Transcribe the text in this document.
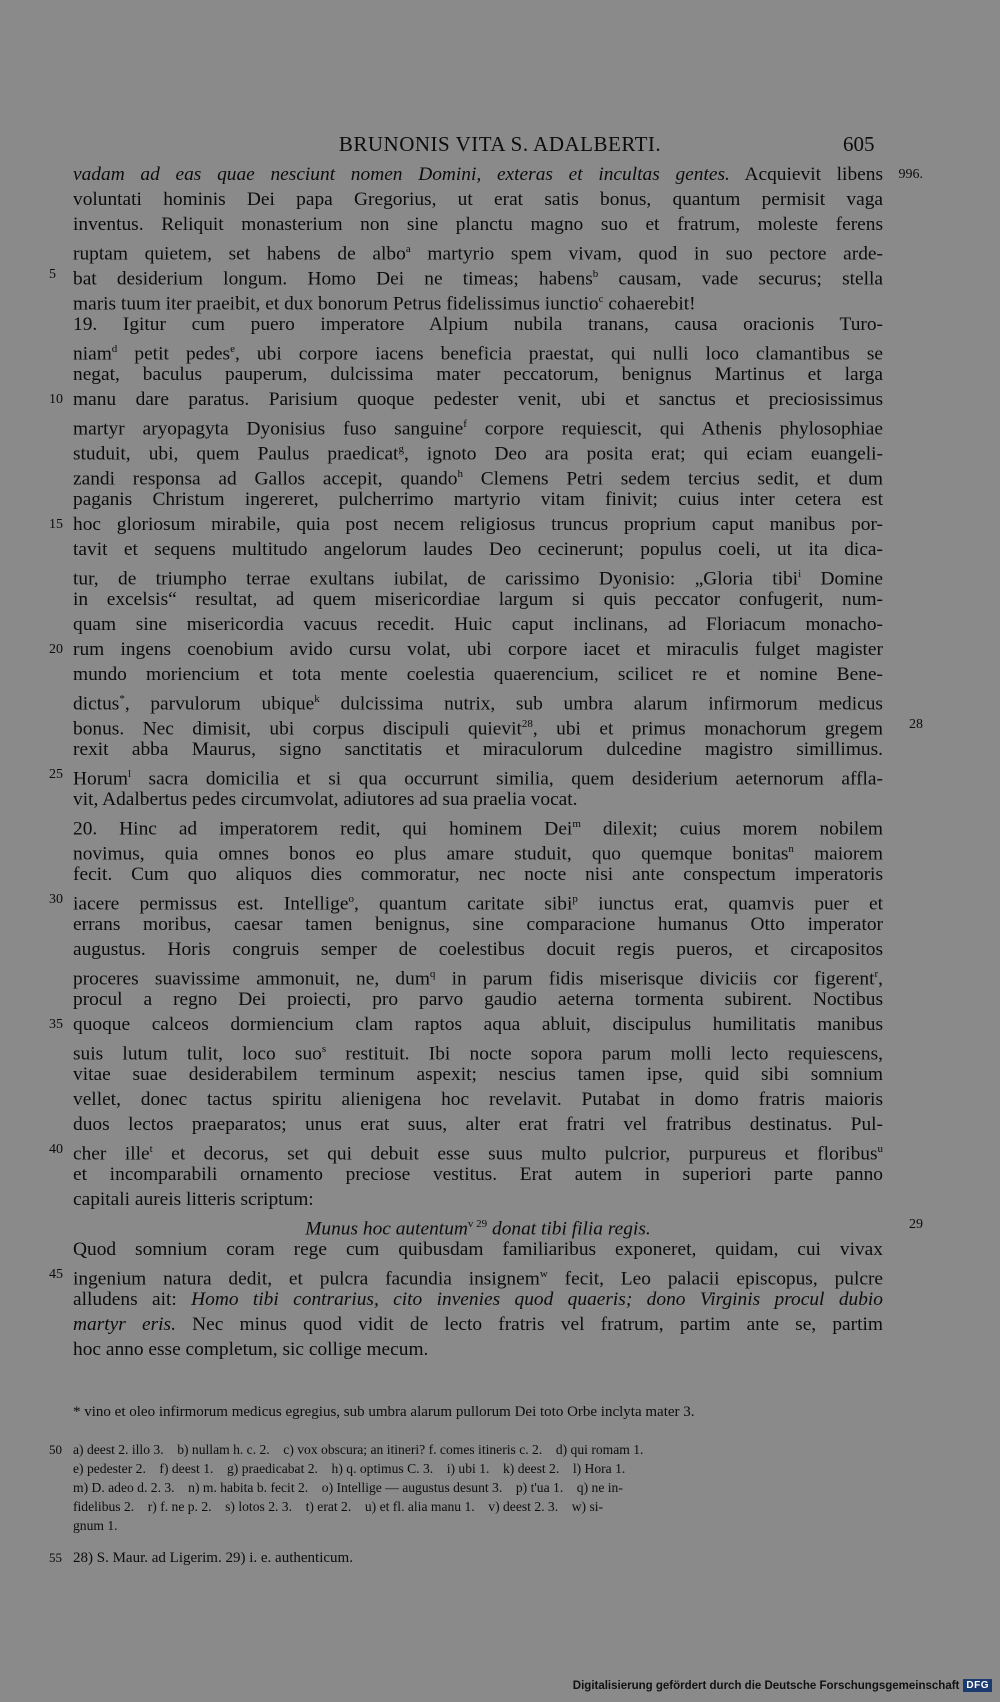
BRUNONIS VITA S. ADALBERTI.	605
vadam ad eas quae nesciunt nomen Domini, exteras et incultas gentes. Acquievit libens 996.
voluntati hominis Dei papa Gregorius, ut erat satis bonus, quantum permisit vaga
inventus. Reliquit monasterium non sine planctu magno suo et fratrum, moleste ferens
ruptam quietem, set habens de albo$^a$ martyrio spem vivam, quod in suo pectore arde-
5 bat desiderium longum. Homo Dei ne timeas; habens$^b$ causam, vade securus; stella
maris tuum iter praeibit, et dux bonorum Petrus fidelissimus iunctio$^c$ cohaerebit!
19. Igitur cum puero imperatore Alpium nubila tranans, causa oracionis Turo-
niam$^d$ petit pedes$^e$, ubi corpore iacens beneficia praestat, qui nulli loco clamantibus se
negat, baculus pauperum, dulcissima mater peccatorum, benignus Martinus et larga
10 manu dare paratus. Parisium quoque pedester venit, ubi et sanctus et preciosissimus
martyr aryopagyta Dyonisius fuso sanguine$^f$ corpore requiescit, qui Athenis phylosophiae
studuit, ubi, quem Paulus praedicat$^g$, ignoto Deo ara posita erat; qui eciam euangeli-
zandi responsa ad Gallos accepit, quando$^h$ Clemens Petri sedem tercius sedit, et dum
paganis Christum ingereret, pulcherrimo martyrio vitam finivit; cuius inter cetera est
15 hoc gloriosum mirabile, quia post necem religiosus truncus proprium caput manibus por-
tavit et sequens multitudo angelorum laudes Deo cecinerunt; populus coeli, ut ita dica-
tur, de triumpho terrae exultans iubilat, de carissimo Dyonisio: „Gloria tibi$^i$ Domine
in excelsis“ resultat, ad quem misericordiae largum si quis peccator confugerit, num-
quam sine misericordia vacuus recedit. Huic caput inclinans, ad Floriacum monacho-
20 rum ingens coenobium avido cursu volat, ubi corpore iacet et miraculis fulget magister
mundo moriencium et tota mente coelestia quaerencium, scilicet re et nomine Bene-
dictus*, parvulorum ubique$^k$ dulcissima nutrix, sub umbra alarum infirmorum medicus
bonus. Nec dimisit, ubi corpus discipuli quievit$^{28}$, ubi et primus monachorum gregem 28
rexit abba Maurus, signo sanctitatis et miraculorum dulcedine magistro simillimus.
25 Horum$^l$ sacra domicilia et si qua occurrunt similia, quem desiderium aeternorum affla-
vit, Adalbertus pedes circumvolat, adiutores ad sua praelia vocat.
20. Hinc ad imperatorem redit, qui hominem Dei$^m$ dilexit; cuius morem nobilem
novimus, quia omnes bonos eo plus amare studuit, quo quemque bonitas$^n$ maiorem
fecit. Cum quo aliquos dies commoratur, nec nocte nisi ante conspectum imperatoris
30 iacere permissus est. Intellige$^o$, quantum caritate sibi$^p$ iunctus erat, quamvis puer et
errans moribus, caesar tamen benignus, sine comparacione humanus Otto imperator
augustus. Horis congruis semper de coelestibus docuit regis pueros, et circapositos
proceres suavissime ammonuit, ne, dum$^q$ in parum fidis miserisque diviciis cor figerent$^r$,
procul a regno Dei proiecti, pro parvo gaudio aeterna tormenta subirent. Noctibus
35 quoque calceos dormiencium clam raptos aqua abluit, discipulus humilitatis manibus
suis lutum tulit, loco suo$^s$ restituit. Ibi nocte sopora parum molli lecto requiescens,
vitae suae desiderabilem terminum aspexit; nescius tamen ipse, quid sibi somnium
vellet, donec tactus spiritu alienigena hoc revelavit. Putabat in domo fratris maioris
duos lectos praeparatos; unus erat suus, alter erat fratri vel fratribus destinatus. Pul-
40 cher ille$^t$ et decorus, set qui debuit esse suus multo pulcrior, purpureus et floribus$^u$
et incomparabili ornamento preciose vestitus. Erat autem in superiori parte panno
capitali aureis litteris scriptum:
Munus hoc autentum$^{v 29}$ donat tibi filia regis.	29
Quod somnium coram rege cum quibusdam familiaribus exponeret, quidam, cui vivax
45 ingenium natura dedit, et pulcra facundia insignem$^w$ fecit, Leo palacii episcopus, pulcre
alludens ait: Homo tibi contrarius, cito invenies quod quaeris; dono Virginis procul dubio
martyr eris. Nec minus quod vidit de lecto fratris vel fratrum, partim ante se, partim
hoc anno esse completum, sic collige mecum.
* vino et oleo infirmorum medicus egregius, sub umbra alarum pullorum Dei toto Orbe inclyta mater 3.
50 a) deest 2. illo 3.    b) nullam h. c. 2.    c) vox obscura; an itineri? f. comes itineris c. 2.    d) qui romam 1.
e) pedester 2.    f) deest 1.    g) praedicabat 2.    h) q. optimus C. 3.    i) ubi 1.    k) deest 2.    l) Hora 1.
m) D. adeo d. 2. 3.    n) m. habita b. fecit 2.    o) Intellige — augustus desunt 3.    p) t'ua 1.    q) ne in-
fidelibus 2.    r) f. ne p. 2.    s) lotos 2. 3.    t) erat 2.    u) et fl. alia manu 1.    v) deest 2. 3.    w) si-
gnum 1.
55 28) S. Maur. ad Ligerim. 29) i. e. authenticum.
Digitalisierung gefördert durch die Deutsche Forschungsgemeinschaft DFG
